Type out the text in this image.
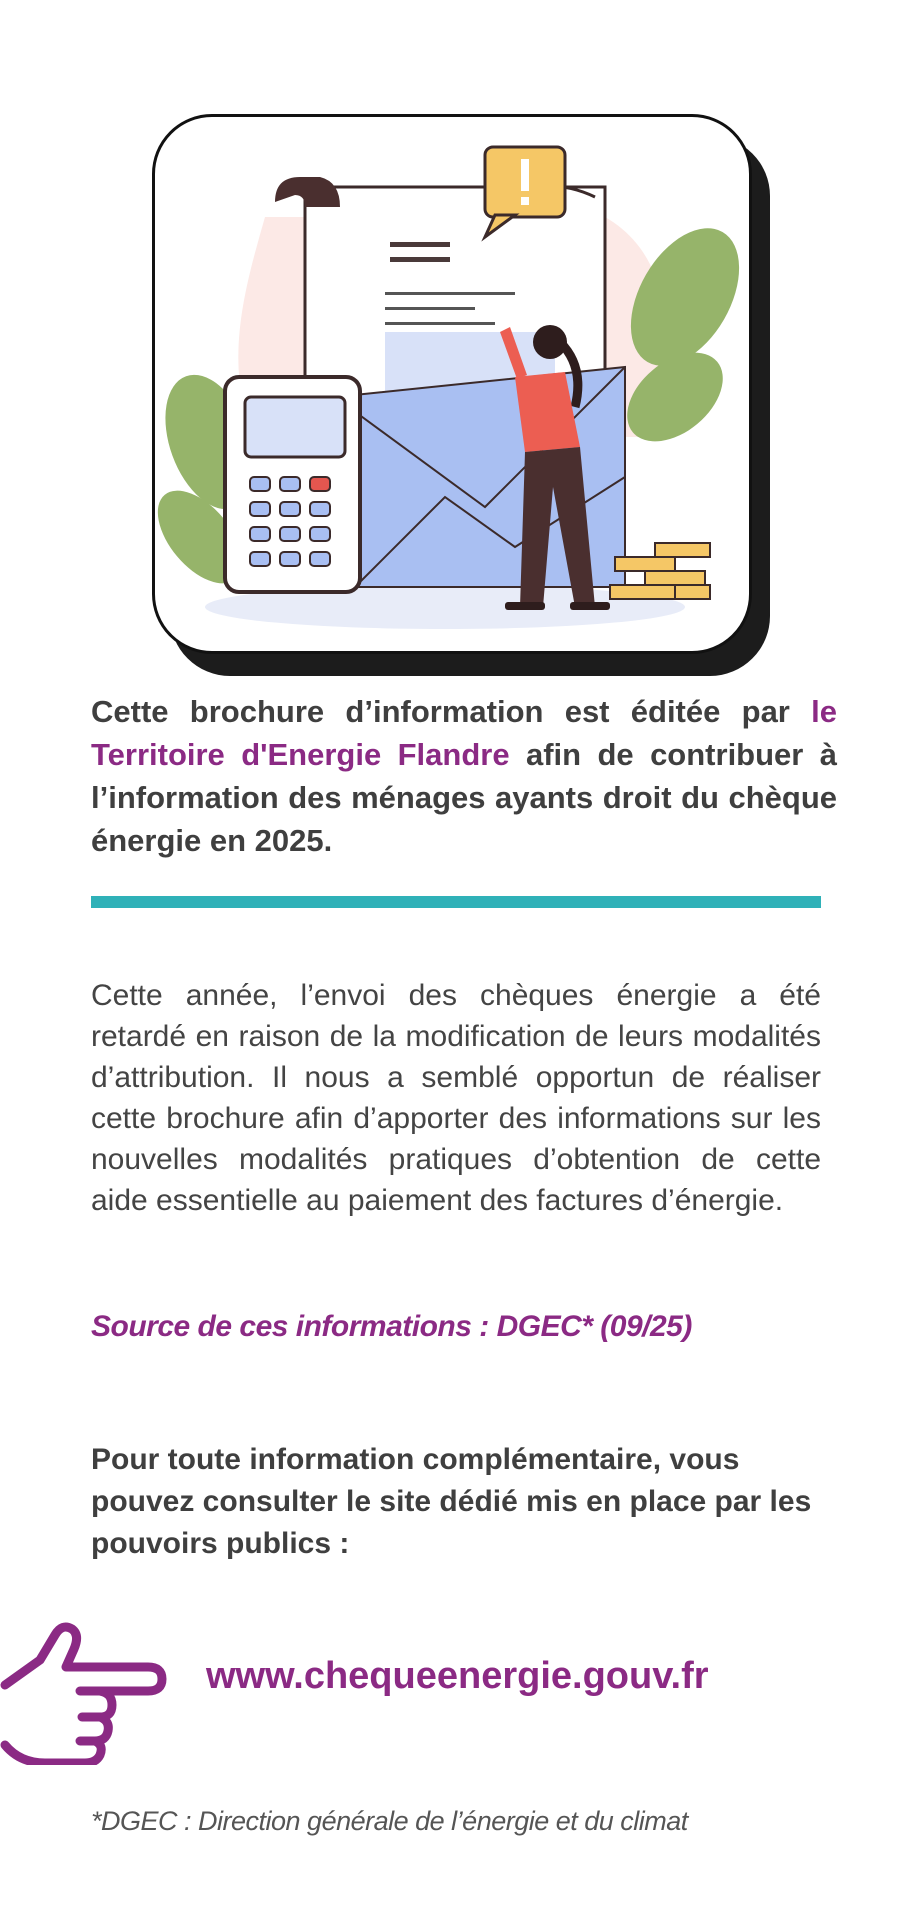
Cette brochure d’information est éditée par le Territoire d'Energie Flandre afin de contribuer à l’information des ménages ayants droit du chèque énergie en 2025.

Cette année, l’envoi des chèques énergie a été retardé en raison de la modification de leurs modalités d’attribution. Il nous a semblé opportun de réaliser cette brochure afin d’apporter des informations sur les nouvelles modalités pratiques d’obtention de cette aide essentielle au paiement des factures d’énergie.

Source de ces informations : DGEC* (09/25)

Pour toute information complémentaire, vous pouvez consulter le site dédié mis en place par les pouvoirs publics :

www.chequeenergie.gouv.fr

*DGEC : Direction générale de l’énergie et du climat
